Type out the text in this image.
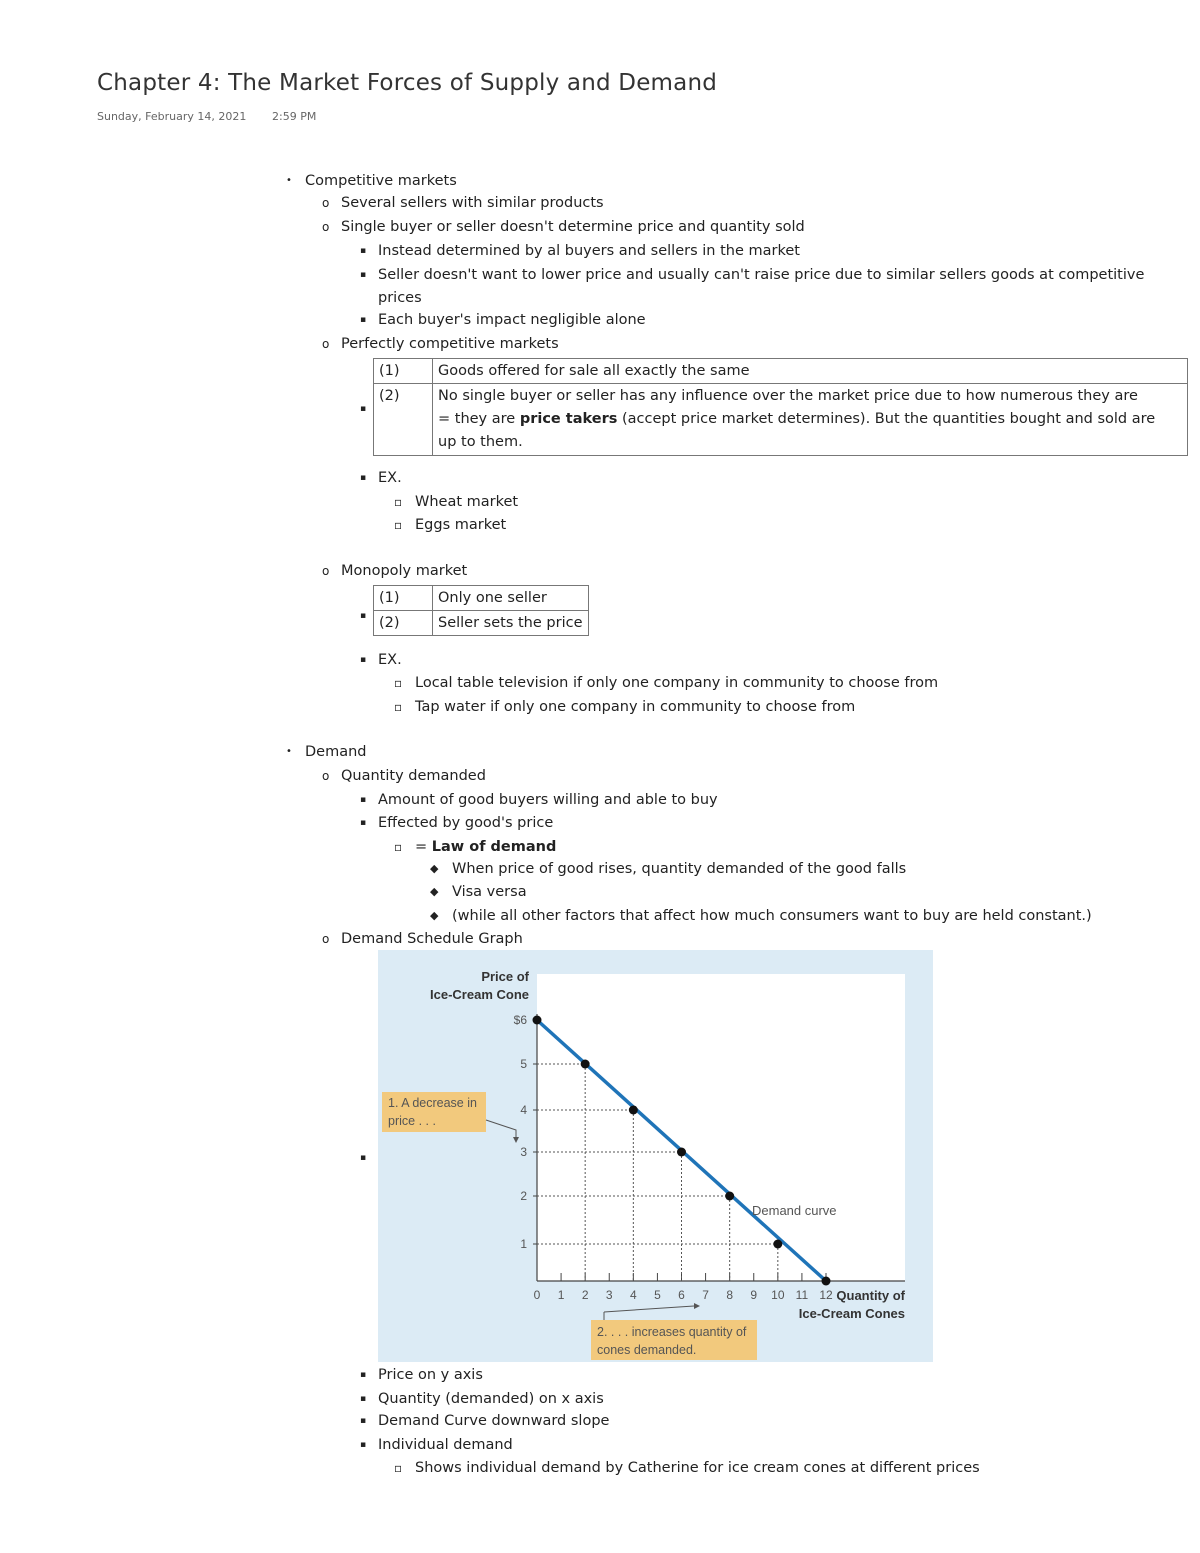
Chapter 4: The Market Forces of Supply and Demand
Sunday, February 14, 2021 2:59 PM
• Competitive markets
o Several sellers with similar products
o Single buyer or seller doesn't determine price and quantity sold
▪ Instead determined by al buyers and sellers in the market
▪ Seller doesn't want to lower price and usually can't raise price due to similar sellers goods at competitive
prices
▪ Each buyer's impact negligible alone
o Perfectly competitive markets
▪
(1)	Goods offered for sale all exactly the same
(2)	No single buyer or seller has any influence over the market price due to how numerous they are
= they are price takers (accept price market determines). But the quantities bought and sold are
up to them.
▪ EX.
▫ Wheat market
▫ Eggs market
o Monopoly market
▪
(1)	Only one seller
(2)	Seller sets the price
▪ EX.
▫ Local table television if only one company in community to choose from
▫ Tap water if only one company in community to choose from
• Demand
o Quantity demanded
▪ Amount of good buyers willing and able to buy
▪ Effected by good's price
▫ = Law of demand
◆ When price of good rises, quantity demanded of the good falls
◆ Visa versa
◆ (while all other factors that affect how much consumers want to buy are held constant.)
o Demand Schedule Graph
▪
Price of
Ice-Cream Cone
$6
5
4
3
2
1
0 1 2 3 4 5 6 7 8 9 10 11 12 Quantity of
Ice-Cream Cones
Demand curve
1. A decrease in
price . . .
2. . . . increases quantity of
cones demanded.
▪ Price on y axis
▪ Quantity (demanded) on x axis
▪ Demand Curve downward slope
▪ Individual demand
▫ Shows individual demand by Catherine for ice cream cones at different prices
